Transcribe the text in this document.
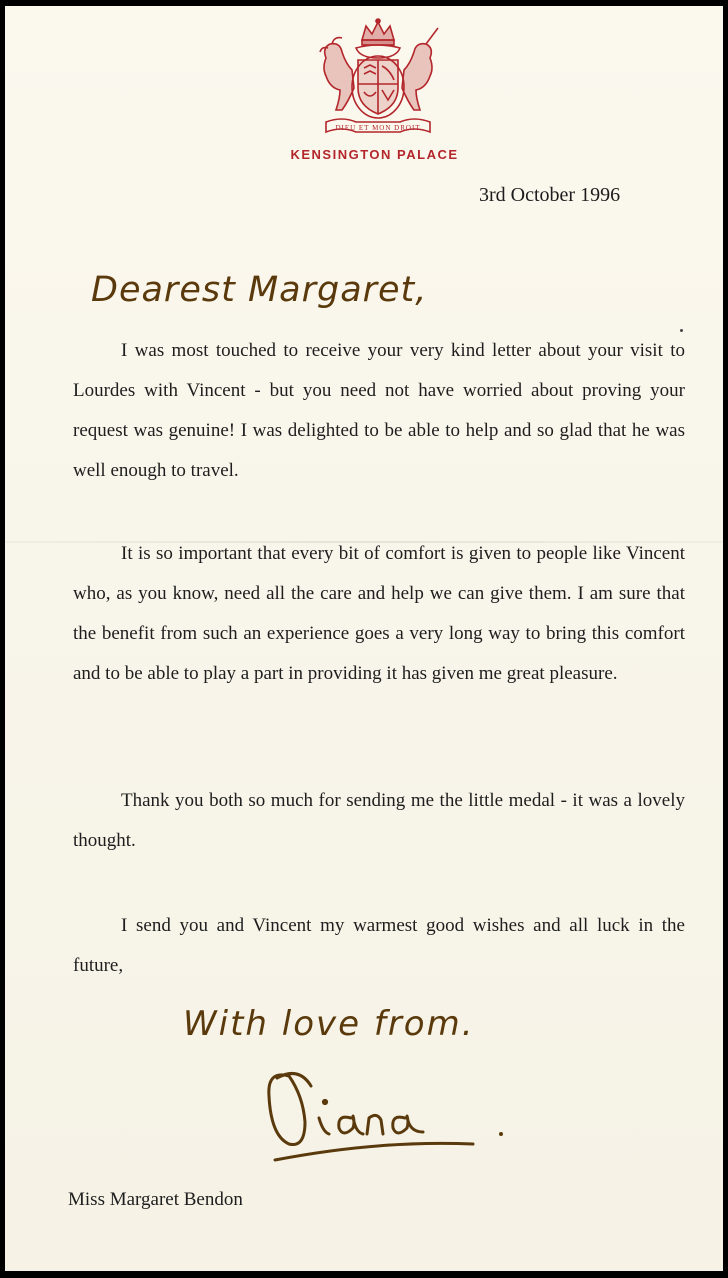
DIEU ET MON DROIT
KENSINGTON PALACE
3rd October 1996
Dearest Margaret,

I was most touched to receive your very kind letter about your visit to Lourdes with Vincent - but you need not have worried about proving your request was genuine! I was delighted to be able to help and so glad that he was well enough to travel.

It is so important that every bit of comfort is given to people like Vincent who, as you know, need all the care and help we can give them. I am sure that the benefit from such an experience goes a very long way to bring this comfort and to be able to play a part in providing it has given me great pleasure.

Thank you both so much for sending me the little medal - it was a lovely thought.

I send you and Vincent my warmest good wishes and all luck in the future,

With love from.
Miss Margaret Bendon
